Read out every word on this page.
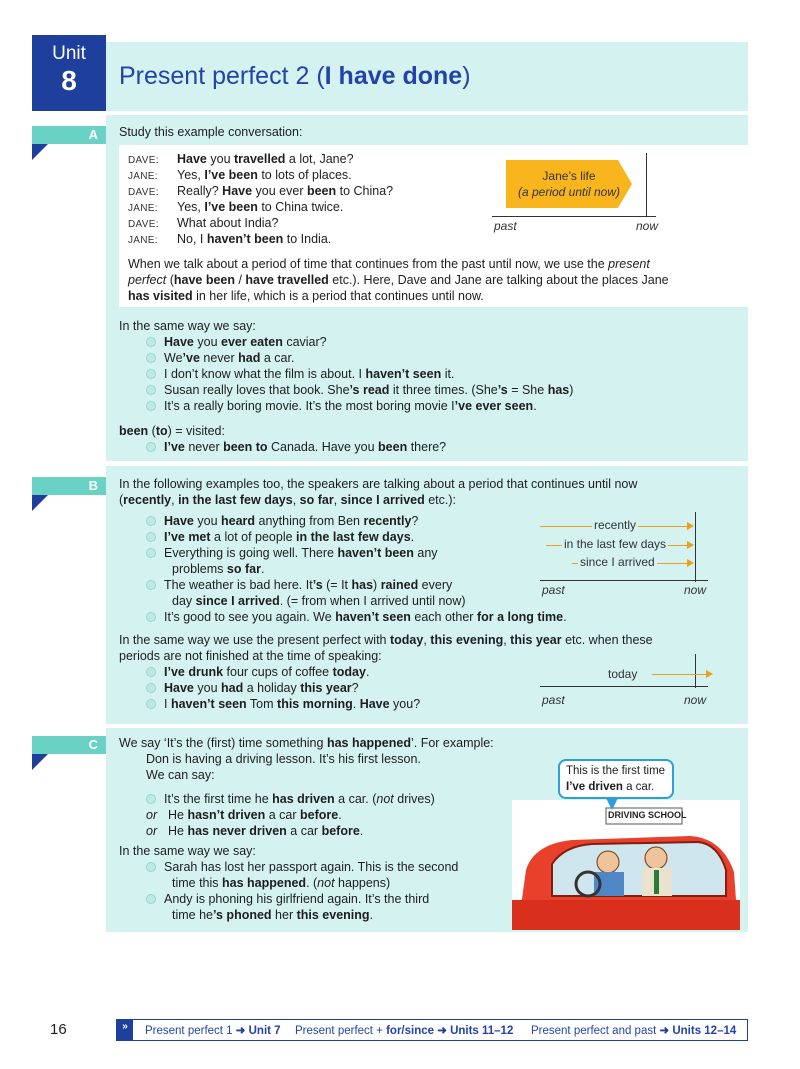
Unit
8	Present perfect 2 (I have done)
A	Study this example conversation:
DAVE: Have you travelled a lot, Jane?
JANE: Yes, I’ve been to lots of places.
DAVE: Really? Have you ever been to China?
JANE: Yes, I’ve been to China twice.
DAVE: What about India?
JANE: No, I haven’t been to India.
Jane’s life
(a period until now)
past	now
When we talk about a period of time that continues from the past until now, we use the present
perfect (have been / have travelled etc.). Here, Dave and Jane are talking about the places Jane
has visited in her life, which is a period that continues until now.
In the same way we say:
Have you ever eaten caviar?
We’ve never had a car.
I don’t know what the film is about. I haven’t seen it.
Susan really loves that book. She’s read it three times. (She’s = She has)
It’s a really boring movie. It’s the most boring movie I’ve ever seen.
been (to) = visited:
I’ve never been to Canada. Have you been there?
B	In the following examples too, the speakers are talking about a period that continues until now
(recently, in the last few days, so far, since I arrived etc.):
Have you heard anything from Ben recently?
I’ve met a lot of people in the last few days.
Everything is going well. There haven’t been any
problems so far.
The weather is bad here. It’s (= It has) rained every
day since I arrived. (= from when I arrived until now)
It’s good to see you again. We haven’t seen each other for a long time.
In the same way we use the present perfect with today, this evening, this year etc. when these
periods are not finished at the time of speaking:
I’ve drunk four cups of coffee today.
Have you had a holiday this year?
I haven’t seen Tom this morning. Have you?
recently
in the last few days
since I arrived
past	now
today
past	now
C	We say ‘It’s the (first) time something has happened’. For example:
Don is having a driving lesson. It’s his first lesson.
We can say:
It’s the first time he has driven a car. (not drives)
or He hasn’t driven a car before.
or He has never driven a car before.
In the same way we say:
Sarah has lost her passport again. This is the second
time this has happened. (not happens)
Andy is phoning his girlfriend again. It’s the third
time he’s phoned her this evening.
DRIVING SCHOOL
This is the first time
I’ve driven a car.
16	»	Present perfect 1 ➜ Unit 7 Present perfect + for/since ➜ Units 11–12 Present perfect and past ➜ Units 12–14
